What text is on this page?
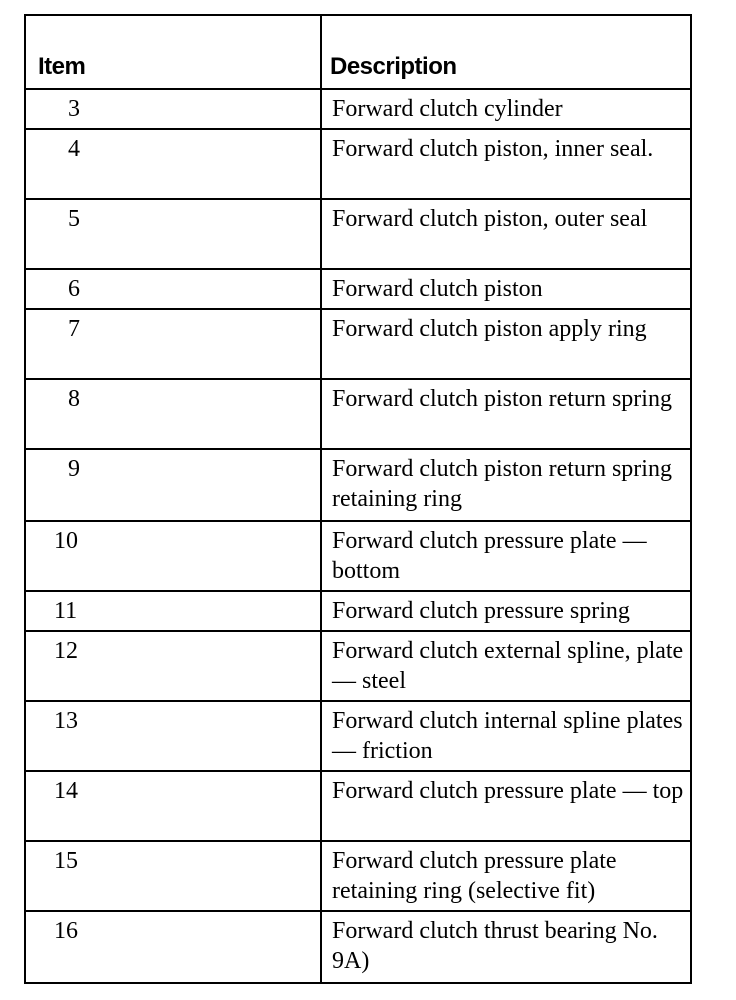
Item	Description
3	Forward clutch cylinder
4	Forward clutch piston, inner seal.
5	Forward clutch piston, outer seal
6	Forward clutch piston
7	Forward clutch piston apply ring
8	Forward clutch piston return spring
9	Forward clutch piston return spring retaining ring
10	Forward clutch pressure plate — bottom
11	Forward clutch pressure spring
12	Forward clutch external spline, plate — steel
13	Forward clutch internal spline plates — friction
14	Forward clutch pressure plate — top
15	Forward clutch pressure plate retaining ring (selective fit)
16	Forward clutch thrust bearing No. 9A)
